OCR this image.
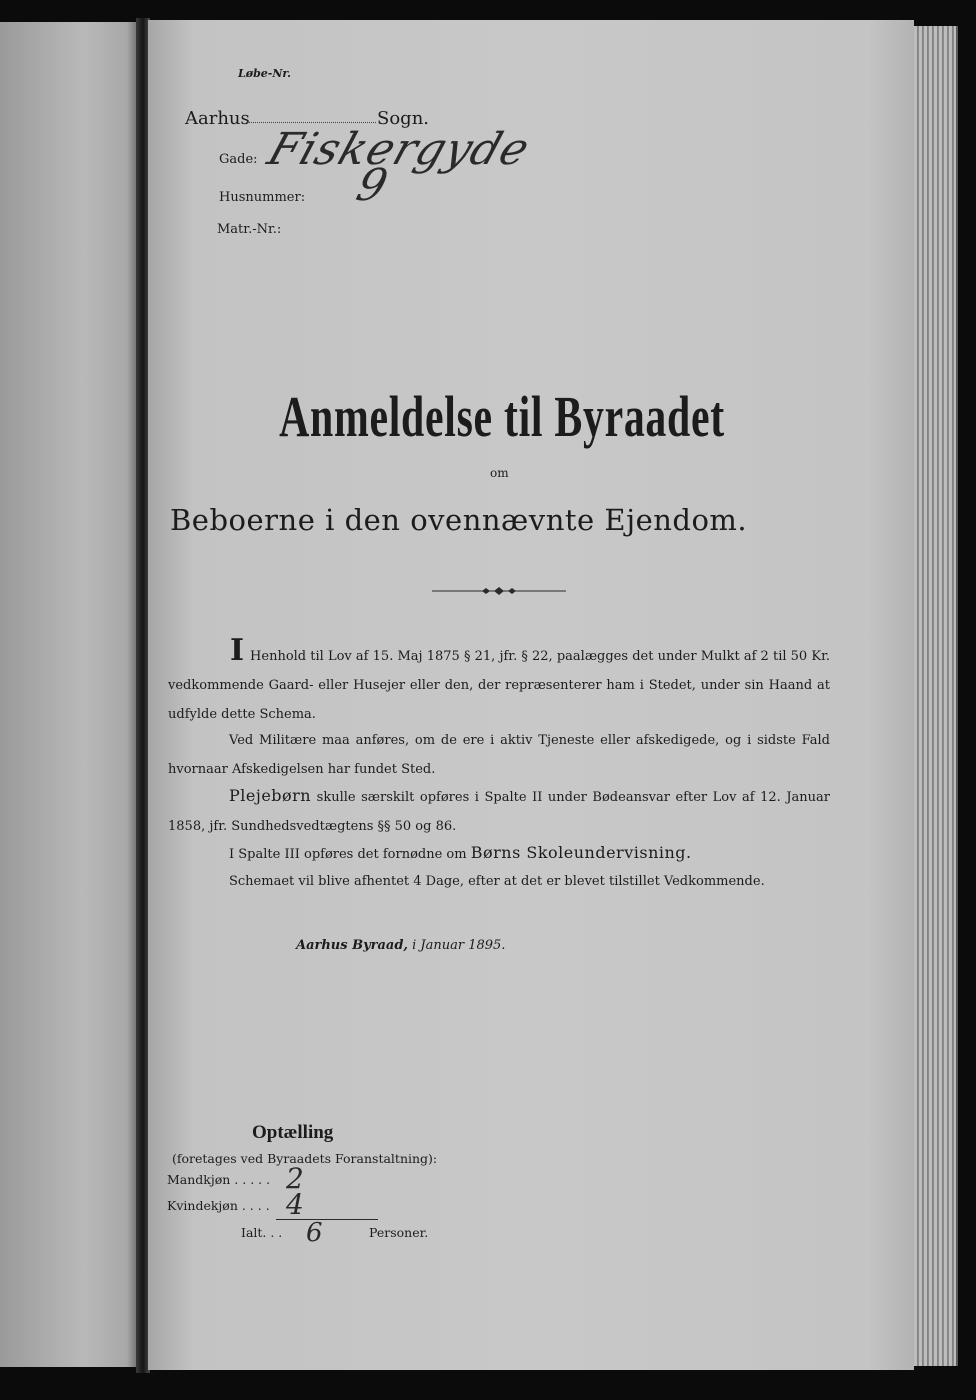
Løbe-Nr.
Aarhus	Sogn.
Gade: Fiskergyde
Husnummer: 9
Matr.-Nr.:
Anmeldelse til Byraadet
om
Beboerne i den ovennævnte Ejendom.
I Henhold til Lov af 15. Maj 1875 § 21, jfr. § 22, paalægges det under Mulkt af 2 til 50 Kr. vedkommende Gaard- eller Husejer eller den, der repræsenterer ham i Stedet, under sin Haand at udfylde dette Schema.
Ved Militære maa anføres, om de ere i aktiv Tjeneste eller afskedigede, og i sidste Fald hvornaar Afskedigelsen har fundet Sted.
Plejebørn skulle særskilt opføres i Spalte II under Bødeansvar efter Lov af 12. Januar 1858, jfr. Sundhedsvedtægtens §§ 50 og 86.
I Spalte III opføres det fornødne om Børns Skoleundervisning.
Schemaet vil blive afhentet 4 Dage, efter at det er blevet tilstillet Vedkommende.
Aarhus Byraad, i Januar 1895.
Optælling
(foretages ved Byraadets Foranstaltning):
Mandkjøn . . . . . 2
Kvindekjøn . . . . 4
Ialt. . . 6	Personer.
